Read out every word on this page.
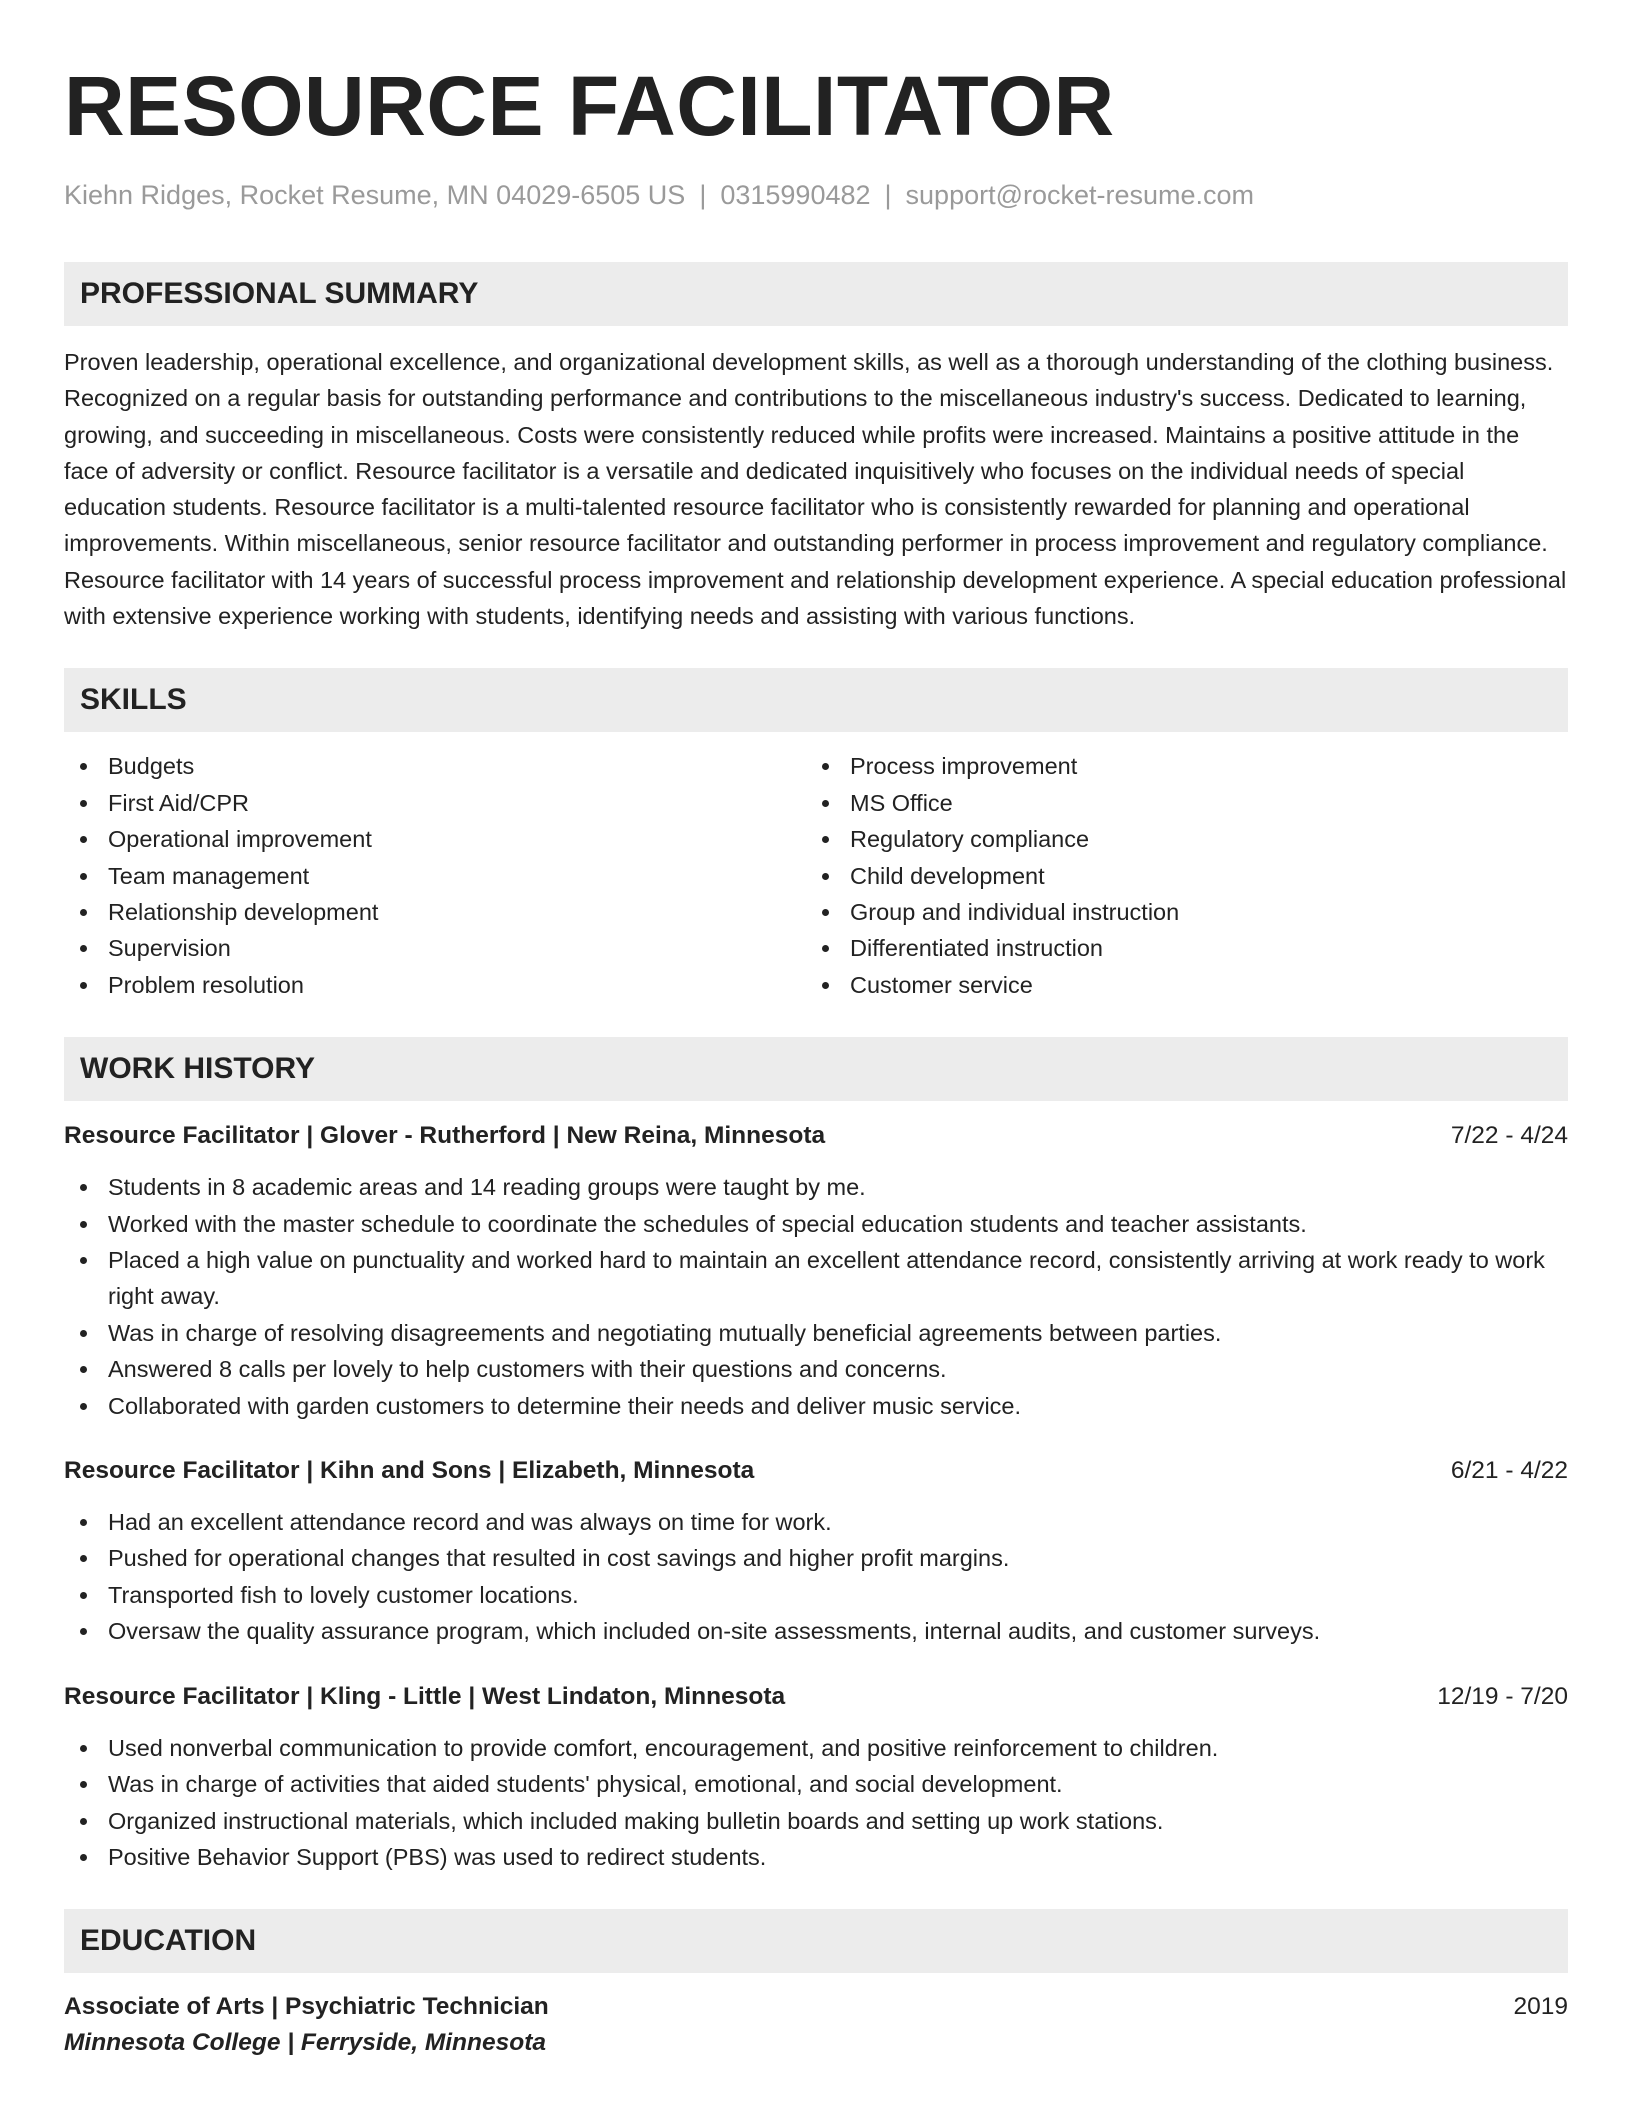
RESOURCE FACILITATOR
Kiehn Ridges, Rocket Resume, MN 04029-6505 US | 0315990482 | support@rocket-resume.com
PROFESSIONAL SUMMARY
Proven leadership, operational excellence, and organizational development skills, as well as a thorough understanding of the clothing business. Recognized on a regular basis for outstanding performance and contributions to the miscellaneous industry's success. Dedicated to learning, growing, and succeeding in miscellaneous. Costs were consistently reduced while profits were increased. Maintains a positive attitude in the face of adversity or conflict. Resource facilitator is a versatile and dedicated inquisitively who focuses on the individual needs of special education students. Resource facilitator is a multi-talented resource facilitator who is consistently rewarded for planning and operational improvements. Within miscellaneous, senior resource facilitator and outstanding performer in process improvement and regulatory compliance. Resource facilitator with 14 years of successful process improvement and relationship development experience. A special education professional with extensive experience working with students, identifying needs and assisting with various functions.
SKILLS
Budgets
First Aid/CPR
Operational improvement
Team management
Relationship development
Supervision
Problem resolution
Process improvement
MS Office
Regulatory compliance
Child development
Group and individual instruction
Differentiated instruction
Customer service
WORK HISTORY
Resource Facilitator | Glover - Rutherford | New Reina, Minnesota	7/22 - 4/24
Students in 8 academic areas and 14 reading groups were taught by me.
Worked with the master schedule to coordinate the schedules of special education students and teacher assistants.
Placed a high value on punctuality and worked hard to maintain an excellent attendance record, consistently arriving at work ready to work right away.
Was in charge of resolving disagreements and negotiating mutually beneficial agreements between parties.
Answered 8 calls per lovely to help customers with their questions and concerns.
Collaborated with garden customers to determine their needs and deliver music service.
Resource Facilitator | Kihn and Sons | Elizabeth, Minnesota	6/21 - 4/22
Had an excellent attendance record and was always on time for work.
Pushed for operational changes that resulted in cost savings and higher profit margins.
Transported fish to lovely customer locations.
Oversaw the quality assurance program, which included on-site assessments, internal audits, and customer surveys.
Resource Facilitator | Kling - Little | West Lindaton, Minnesota	12/19 - 7/20
Used nonverbal communication to provide comfort, encouragement, and positive reinforcement to children.
Was in charge of activities that aided students' physical, emotional, and social development.
Organized instructional materials, which included making bulletin boards and setting up work stations.
Positive Behavior Support (PBS) was used to redirect students.
EDUCATION
Associate of Arts | Psychiatric Technician	2019
Minnesota College | Ferryside, Minnesota
